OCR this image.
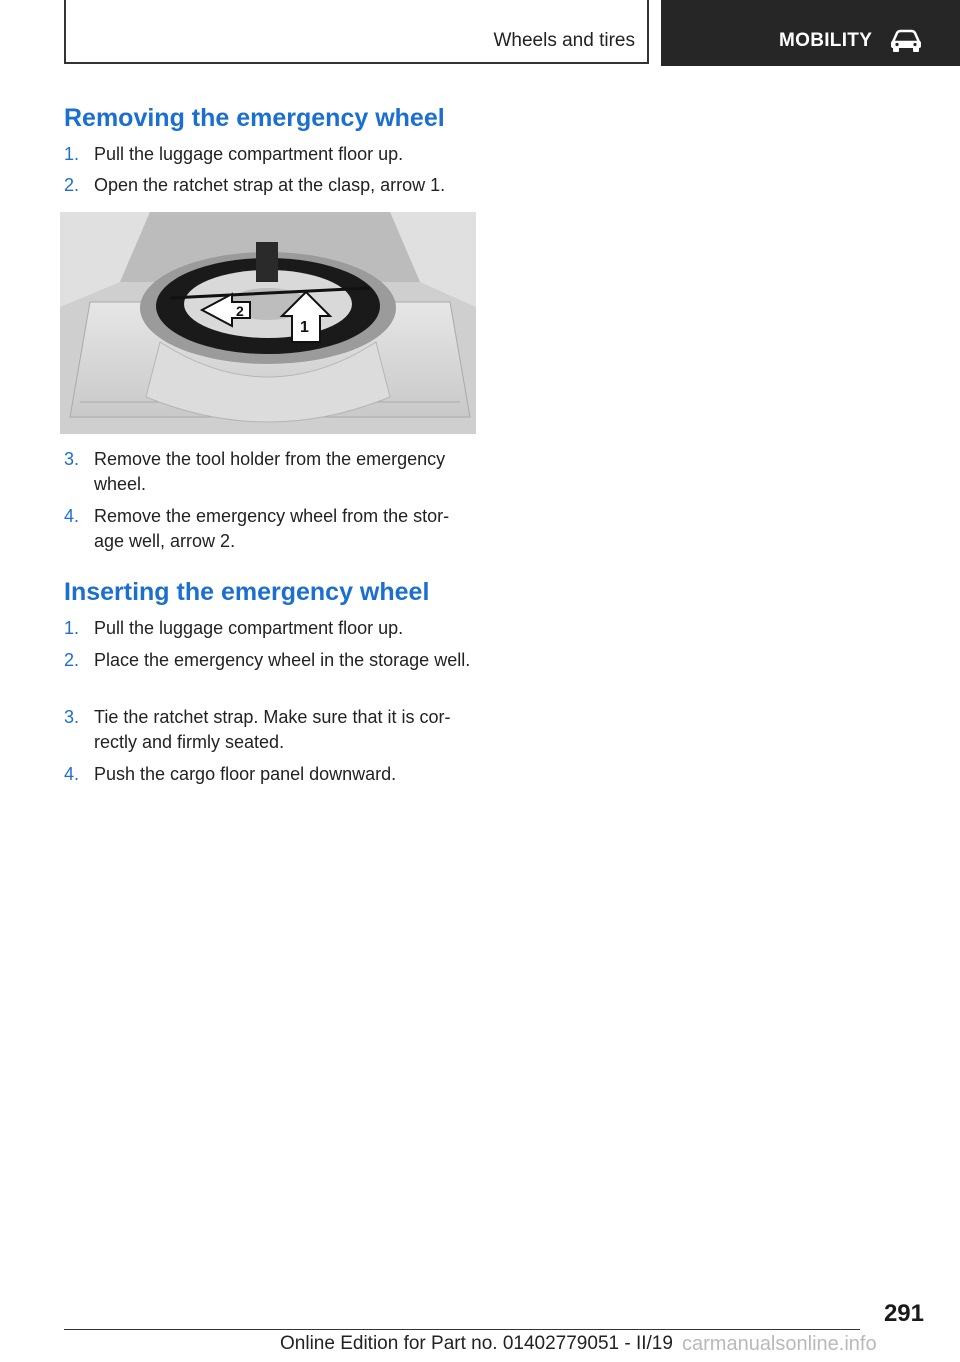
Wheels and tires	MOBILITY
Removing the emergency wheel
1. Pull the luggage compartment floor up.
2. Open the ratchet strap at the clasp, arrow 1.
2
1
3. Remove the tool holder from the emergency wheel.
4. Remove the emergency wheel from the stor-age well, arrow 2.
Inserting the emergency wheel
1. Pull the luggage compartment floor up.
2. Place the emergency wheel in the storage well.
3. Tie the ratchet strap. Make sure that it is cor-rectly and firmly seated.
4. Push the cargo floor panel downward.
291
Online Edition for Part no. 01402779051 - II/19 carmanualsonline.info
